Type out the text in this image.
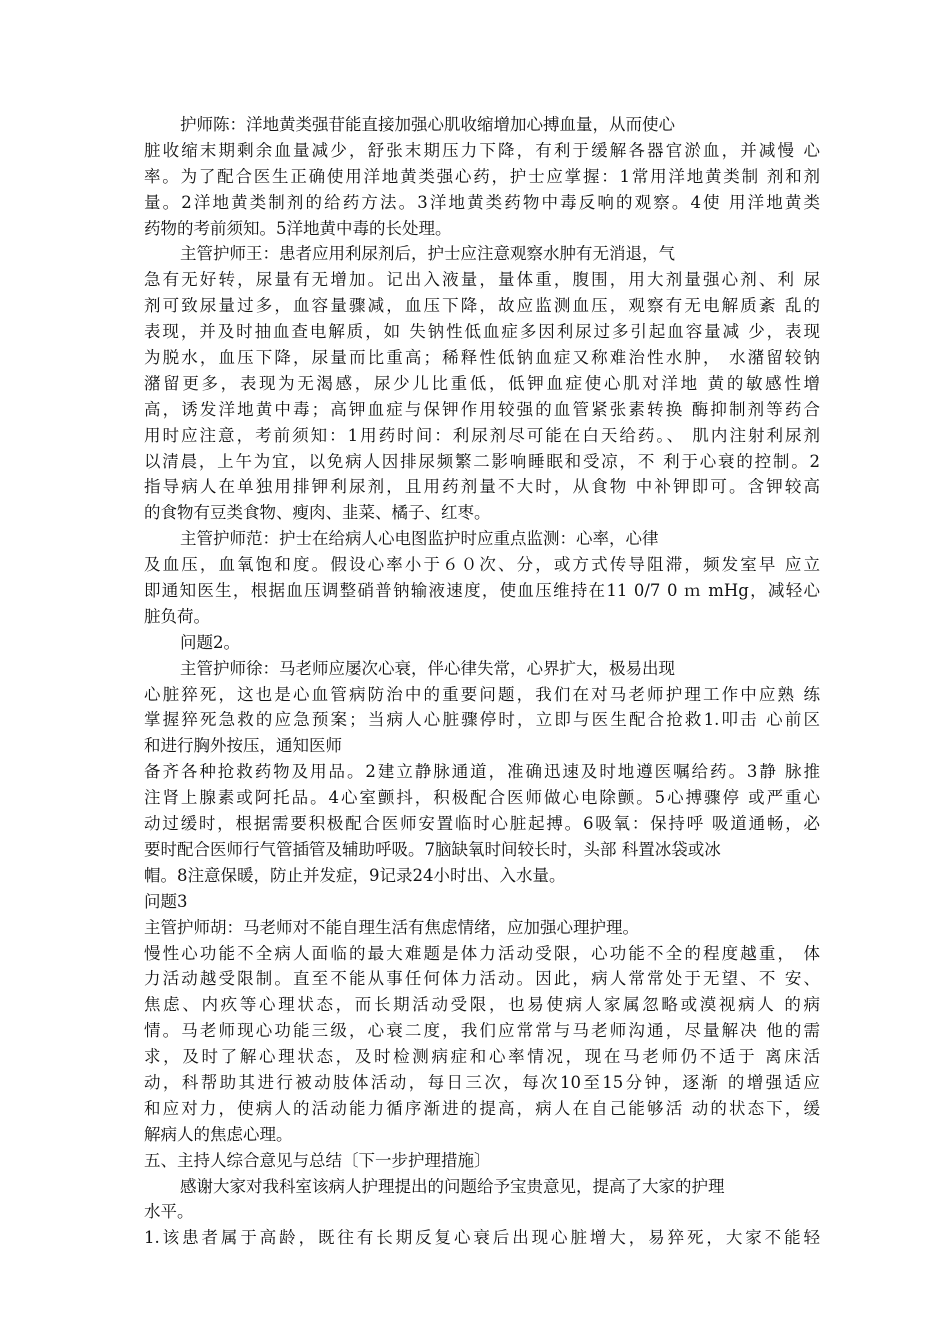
护师陈：洋地黄类强苷能直接加强心肌收缩增加心搏血量，从而使心
脏收缩末期剩余血量减少，舒张末期压力下降，有利于缓解各器官淤血，并减慢 心
率。为了配合医生正确使用洋地黄类强心药，护士应掌握：1常用洋地黄类制 剂和剂
量。2洋地黄类制剂的给药方法。3洋地黄类药物中毒反响的观察。4使 用洋地黄类
药物的考前须知。5洋地黄中毒的长处理。
主管护师王：患者应用利尿剂后，护士应注意观察水肿有无消退，气
急有无好转，尿量有无增加。记出入液量，量体重，腹围，用大剂量强心剂、利 尿
剂可致尿量过多，血容量骤减，血压下降，故应监测血压，观察有无电解质紊 乱的
表现，并及时抽血查电解质，如 失钠性低血症多因利尿过多引起血容量减 少，表现
为脱水，血压下降，尿量而比重高；稀释性低钠血症又称难治性水肿， 水潴留较钠
潴留更多，表现为无渴感，尿少儿比重低，低钾血症使心肌对洋地 黄的敏感性增
高，诱发洋地黄中毒；高钾血症与保钾作用较强的血管紧张素转换 酶抑制剂等药合
用时应注意，考前须知：1用药时间：利尿剂尽可能在白天给药。、 肌内注射利尿剂
以清晨，上午为宜，以免病人因排尿频繁二影响睡眠和受凉，不 利于心衰的控制。2
指导病人在单独用排钾利尿剂，且用药剂量不大时，从食物 中补钾即可。含钾较高
的食物有豆类食物、瘦肉、韭菜、橘子、红枣。
主管护师范：护士在给病人心电图监护时应重点监测：心率，心律
及血压，血氧饱和度。假设心率小于６０次、分，或方式传导阻滞，频发室早 应立
即通知医生，根据血压调整硝普钠输液速度，使血压维持在11 0/7 0 ｍ mHg，减轻心
脏负荷。
问题2。
主管护师徐：马老师应屡次心衰，伴心律失常，心界扩大，极易出现
心脏猝死，这也是心血管病防治中的重要问题，我们在对马老师护理工作中应熟 练
掌握猝死急救的应急预案；当病人心脏骤停时，立即与医生配合抢救1.叩击 心前区
和进行胸外按压，通知医师
备齐各种抢救药物及用品。2建立静脉通道，准确迅速及时地遵医嘱给药。3静 脉推
注肾上腺素或阿托品。4心室颤抖，积极配合医师做心电除颤。5心搏骤停 或严重心
动过缓时，根据需要积极配合医师安置临时心脏起搏。6吸氧：保持呼 吸道通畅，必
要时配合医师行气管插管及辅助呼吸。7脑缺氧时间较长时，头部 科置冰袋或冰
帽。8注意保暖，防止并发症，9记录24小时出、入水量。
问题3
主管护师胡：马老师对不能自理生活有焦虑情绪，应加强心理护理。
慢性心功能不全病人面临的最大难题是体力活动受限，心功能不全的程度越重， 体
力活动越受限制。直至不能从事任何体力活动。因此，病人常常处于无望、不 安、
焦虑、内疚等心理状态，而长期活动受限，也易使病人家属忽略或漠视病人 的病
情。马老师现心功能三级，心衰二度，我们应常常与马老师沟通，尽量解决 他的需
求，及时了解心理状态，及时检测病症和心率情况，现在马老师仍不适于 离床活
动，科帮助其进行被动肢体活动，每日三次，每次10至15分钟，逐渐 的增强适应
和应对力，使病人的活动能力循序渐进的提高，病人在自己能够活 动的状态下，缓
解病人的焦虑心理。
五、主持人综合意见与总结〔下一步护理措施〕
感谢大家对我科室该病人护理提出的问题给予宝贵意见，提高了大家的护理
水平。
1.该患者属于高龄，既往有长期反复心衰后出现心脏增大，易猝死，大家不能轻
